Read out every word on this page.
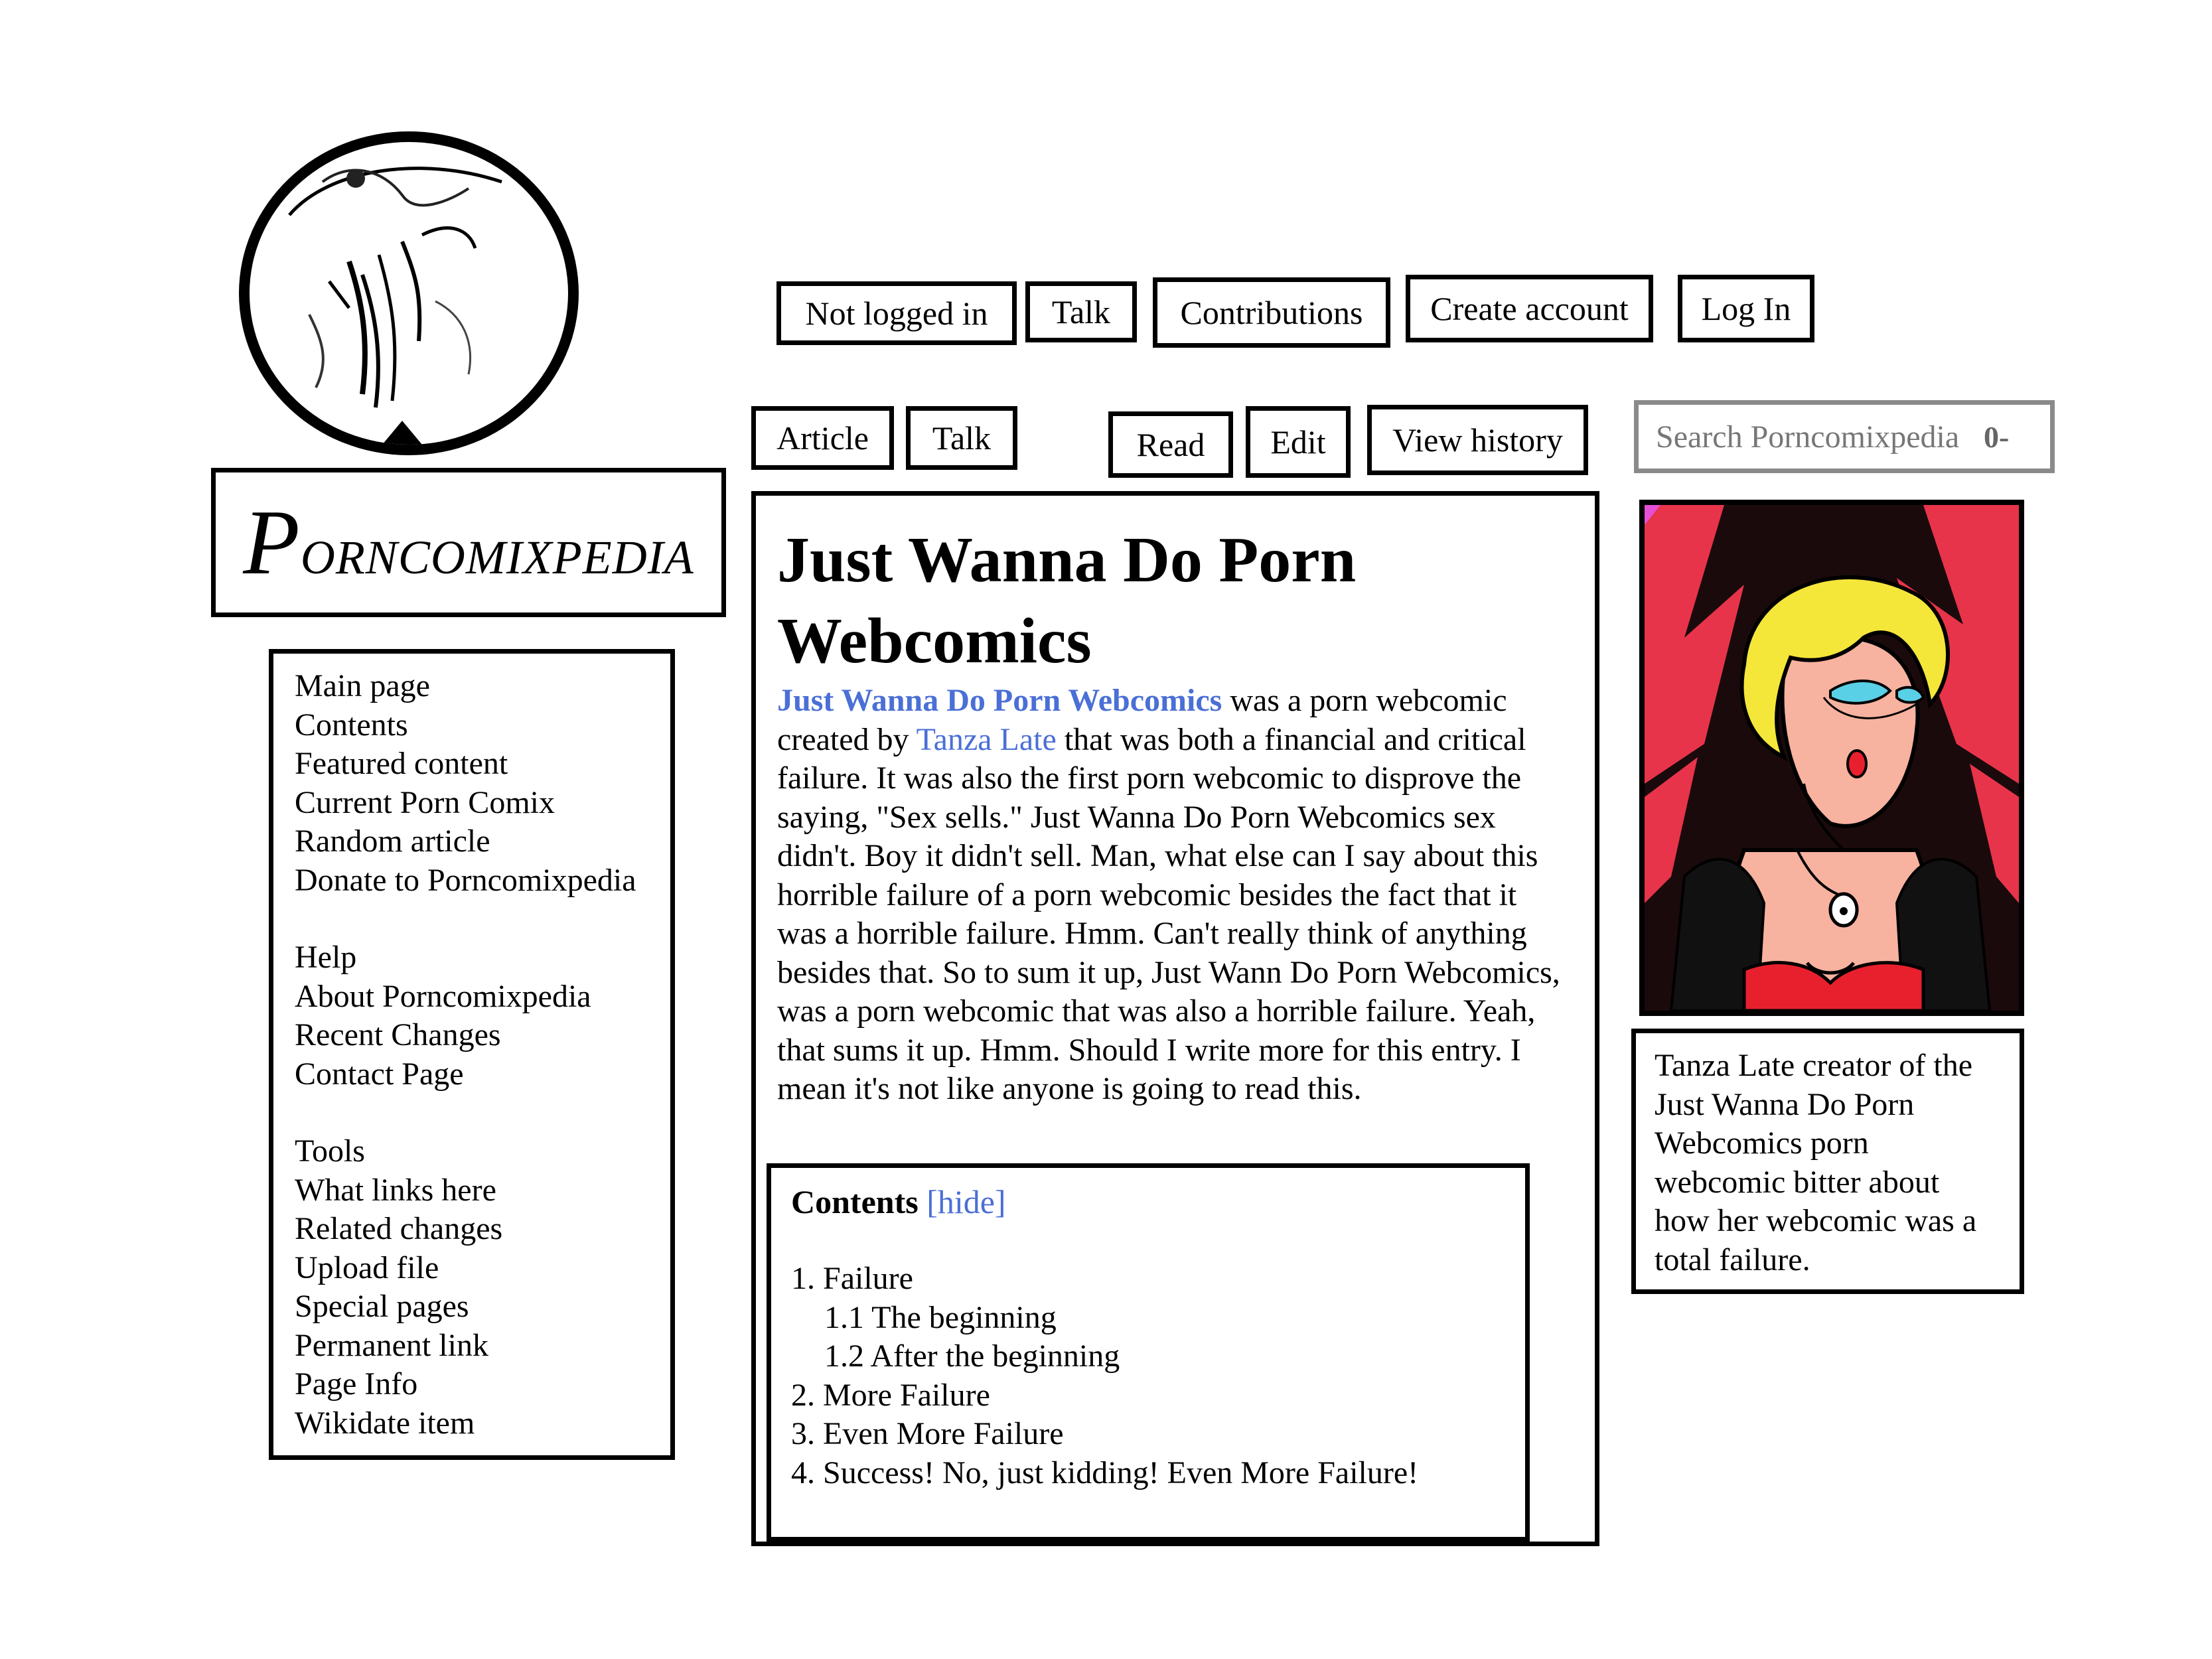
PORNCOMIXPEDIA
Not logged in	Talk	Contributions	Create account	Log In
Article	Talk	Read	Edit	View history
Search Porncomixpedia	0-
Main page
Contents
Featured content
Current Porn Comix
Random article
Donate to Porncomixpedia
Help
About Porncomixpedia
Recent Changes
Contact Page
Tools
What links here
Related changes
Upload file
Special pages
Permanent link
Page Info
Wikidate item
Just Wanna Do Porn Webcomics
Just Wanna Do Porn Webcomics was a porn webcomic created by Tanza Late that was both a financial and critical failure. It was also the first porn webcomic to disprove the saying, "Sex sells." Just Wanna Do Porn Webcomics sex didn't. Boy it didn't sell. Man, what else can I say about this horrible failure of a porn webcomic besides the fact that it was a horrible failure. Hmm. Can't really think of anything besides that. So to sum it up, Just Wann Do Porn Webcomics, was a porn webcomic that was also a horrible failure. Yeah, that sums it up. Hmm. Should I write more for this entry. I mean it's not like anyone is going to read this.
Contents [hide]
1. Failure
1.1 The beginning
1.2 After the beginning
2. More Failure
3. Even More Failure
4. Success! No, just kidding! Even More Failure!
Tanza Late creator of the
Just Wanna Do Porn
Webcomics porn
webcomic bitter about
how her webcomic was a
total failure.
